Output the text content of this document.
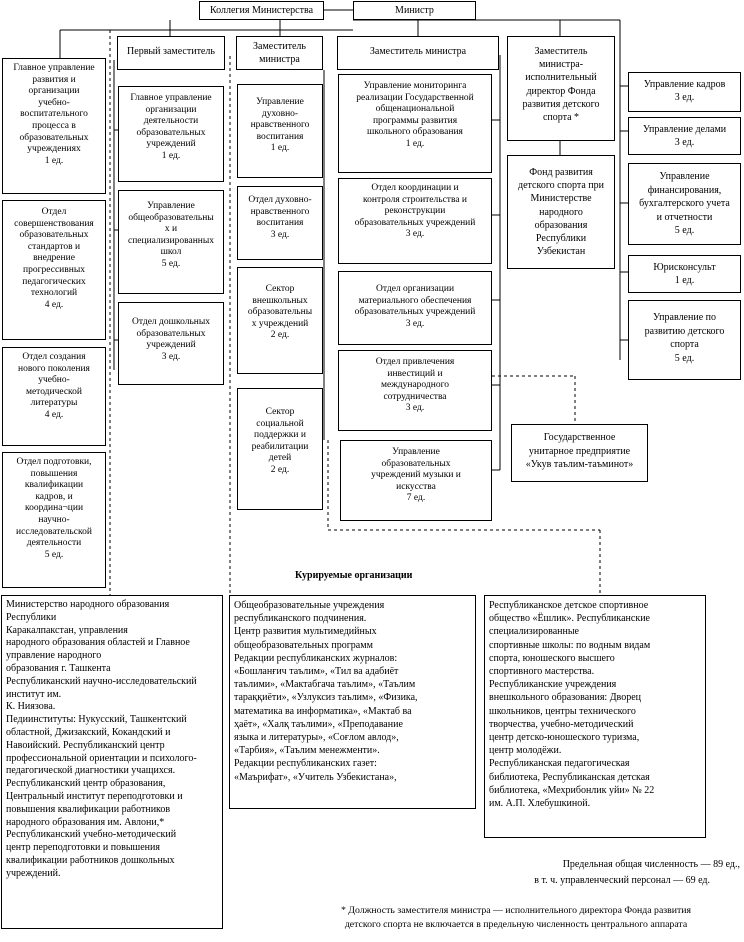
Коллегия Министерства	Министр
Первый заместитель	Заместитель
министра
Заместитель министра	Заместитель
министра-
исполнительный
директор Фонда
развития детского
спорта *
Главное управление
развития и
организации
учебно-
воспитательного
процесса в
образовательных
учреждениях
1 ед.
Отдел
совершенствования
образовательных
стандартов и
внедрение
прогрессивных
педагогических
технологий
4 ед.
Отдел создания
нового поколения
учебно-
методической
литературы
4 ед.
Отдел подготовки,
повышения
квалификации
кадров, и
координа¬ции
научно-
исследовательской
деятельности
5 ед.
Главное управление
организации
деятельности
образовательных
учреждений
1 ед.
Управление
общеобразовательны
х и
специализированных
школ
5 ед.
Отдел дошкольных
образовательных
учреждений
3 ед.
Управление
духовно-
нравственного
воспитания
1 ед.
Отдел духовно-
нравственного
воспитания
3 ед.
Сектор
внешкольных
образовательны
х учреждений
2 ед.
Сектор
социальной
поддержки и
реабилитации
детей
2 ед.
Управление мониторинга
реализации Государственной
общенациональной
программы развития
школьного образования
1 ед.
Отдел координации и
контроля строительства и
реконструкции
образовательных учреждений
3 ед.
Отдел организации
материального обеспечения
образовательных учреждений
3 ед.
Отдел привлечения
инвестиций и
международного
сотрудничества
3 ед.
Управление
образовательных
учреждений музыки и
искусства
7 ед.
Государственное
унитарное предприятие
«Укув таълим-таъминот»
Фонд развития
детского спорта при
Министерстве
народного
образования
Республики
Узбекистан
Управление кадров
3 ед.
Управление делами
3 ед.
Управление
финансирования,
бухгалтерского учета
и отчетности
5 ед.
Юрисконсульт
1 ед.
Управление по
развитию детского
спорта
5 ед.
Курируемые организации
Министерство народного образования
Республики
Каракалпакстан, управления
народного образования областей и Главное
управление народного
образования г. Ташкента
Республиканский научно-исследовательский
институт им.
К. Ниязова.
Педиинституты: Нукусский, Ташкентский
областной, Джизакский, Кокандский и
Навоийский. Республиканский центр
профессиональной ориентации и психолого-
педагогической диагностики учащихся.
Республиканский центр образования,
Центральный институт переподготовки и
повышения квалификации работников
народного образования им. Авлони,*
Республиканский учебно-методический
центр переподготовки и повышения
квалификации работников дошкольных
учреждений.
Общеобразовательные учреждения
республиканского подчинения.
Центр развития мультимедийных
общеобразовательных программ
Редакции республиканских журналов:
«Бошланғич таълим», «Тил ва адабиёт
таълими», «Мактабгача таълим», «Таълим
тараққиёти», «Узлуксиз таълим», «Физика,
математика ва информатика», «Мактаб ва
ҳаёт», «Халқ таълими», «Преподавание
языка и литературы», «Соғлом авлод»,
«Тарбия», «Таълим менежменти».
Редакции республиканских газет:
«Маърифат», «Учитель Узбекистана»,
Республиканское детское спортивное
общество «Ёшлик». Республиканские
специализированные
спортивные школы: по водным видам
спорта, юношеского высшего
спортивного мастерства.
Республиканские учреждения
внешкольного образования: Дворец
школьников, центры технического
творчества, учебно-методический
центр детско-юношеского туризма,
центр молодёжи.
Республиканская педагогическая
библиотека, Республиканская детская
библиотека, «Мехрибонлик уйи» № 22
им. А.П. Хлебушкиной.
Предельная общая численность — 89 ед.,
в т. ч. управленческий персонал — 69 ед.
* Должность заместителя министра — исполнительного директора Фонда развития
детского спорта не включается в предельную численность центрального аппарата
